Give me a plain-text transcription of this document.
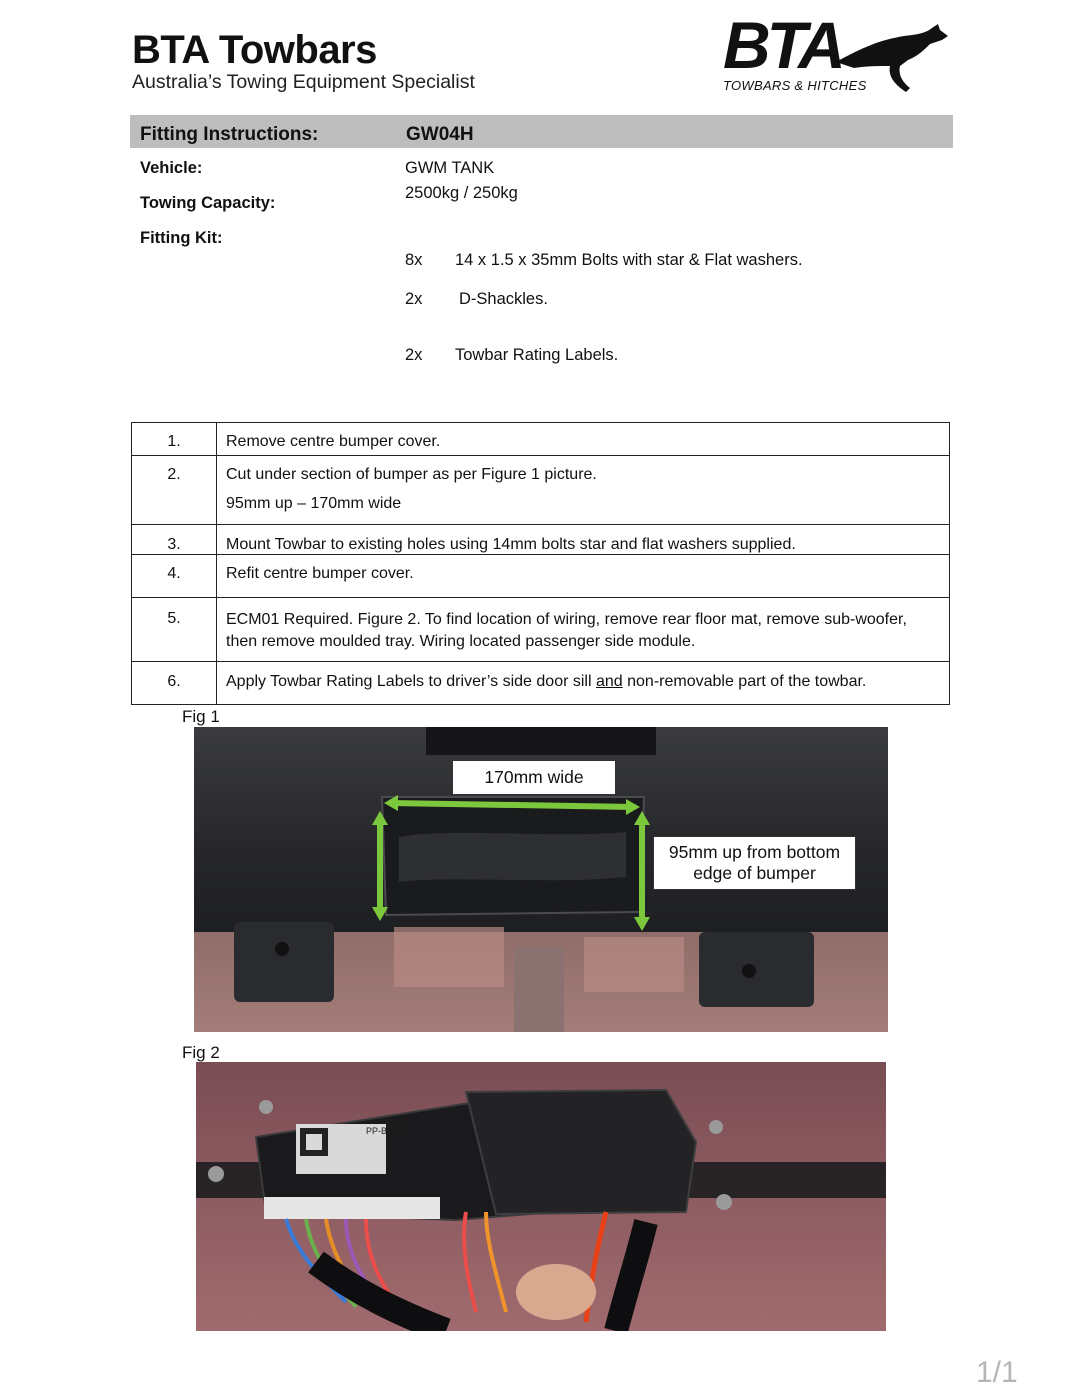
BTA Towbars
Australia’s Towing Equipment Specialist	BTA
TOWBARS & HITCHES
Fitting Instructions:	GW04H
Vehicle:	GWM TANK
Towing Capacity:
2500kg / 250kg
Fitting Kit:
8x 14 x 1.5 x 35mm Bolts with star & Flat washers.
2x D-Shackles.
2x Towbar Rating Labels.
1.	Remove centre bumper cover.
2.	Cut under section of bumper as per Figure 1 picture.
95mm up – 170mm wide

3.	Mount Towbar to existing holes using 14mm bolts star and flat washers supplied.
4.	Refit centre bumper cover.
5.	ECM01 Required. Figure 2. To find location of wiring, remove rear floor mat, remove sub-woofer,
then remove moulded tray. Wiring located passenger side module.

6.	Apply Towbar Rating Labels to driver’s side door sill and non-removable part of the towbar.
Fig 1
170mm wide
95mm up from bottom
edge of bumper
Fig 2
PP-BF30
1/1
